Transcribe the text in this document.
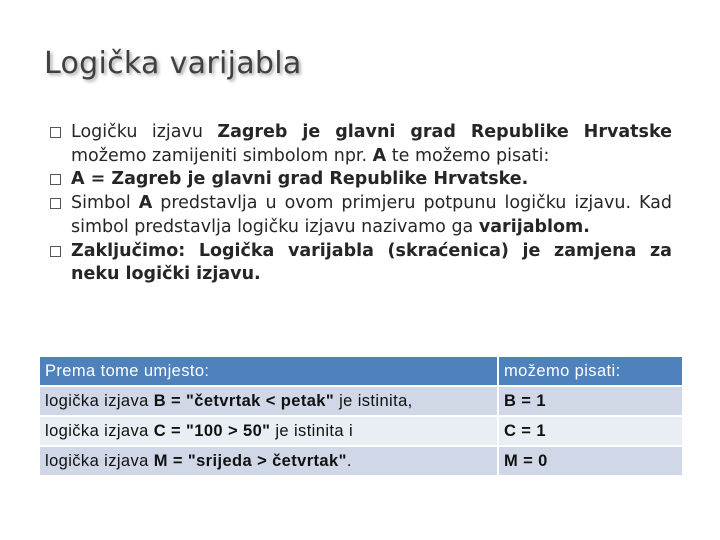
Logička varijabla

Logičku izjavu Zagreb je glavni grad Republike Hrvatske možemo zamijeniti simbolom npr. A te možemo pisati:

A = Zagreb je glavni grad Republike Hrvatske.

Simbol A predstavlja u ovom primjeru potpunu logičku izjavu. Kad simbol predstavlja logičku izjavu nazivamo ga varijablom.

Zaključimo: Logička varijabla (skraćenica) je zamjena za neku logički izjavu.

Prema tome umjesto:	možemo pisati:
logička izjava B = "četvrtak < petak" je istinita,	B = 1
logička izjava C = "100 > 50" je istinita i	C = 1
logička izjava M = "srijeda > četvrtak".	M = 0
